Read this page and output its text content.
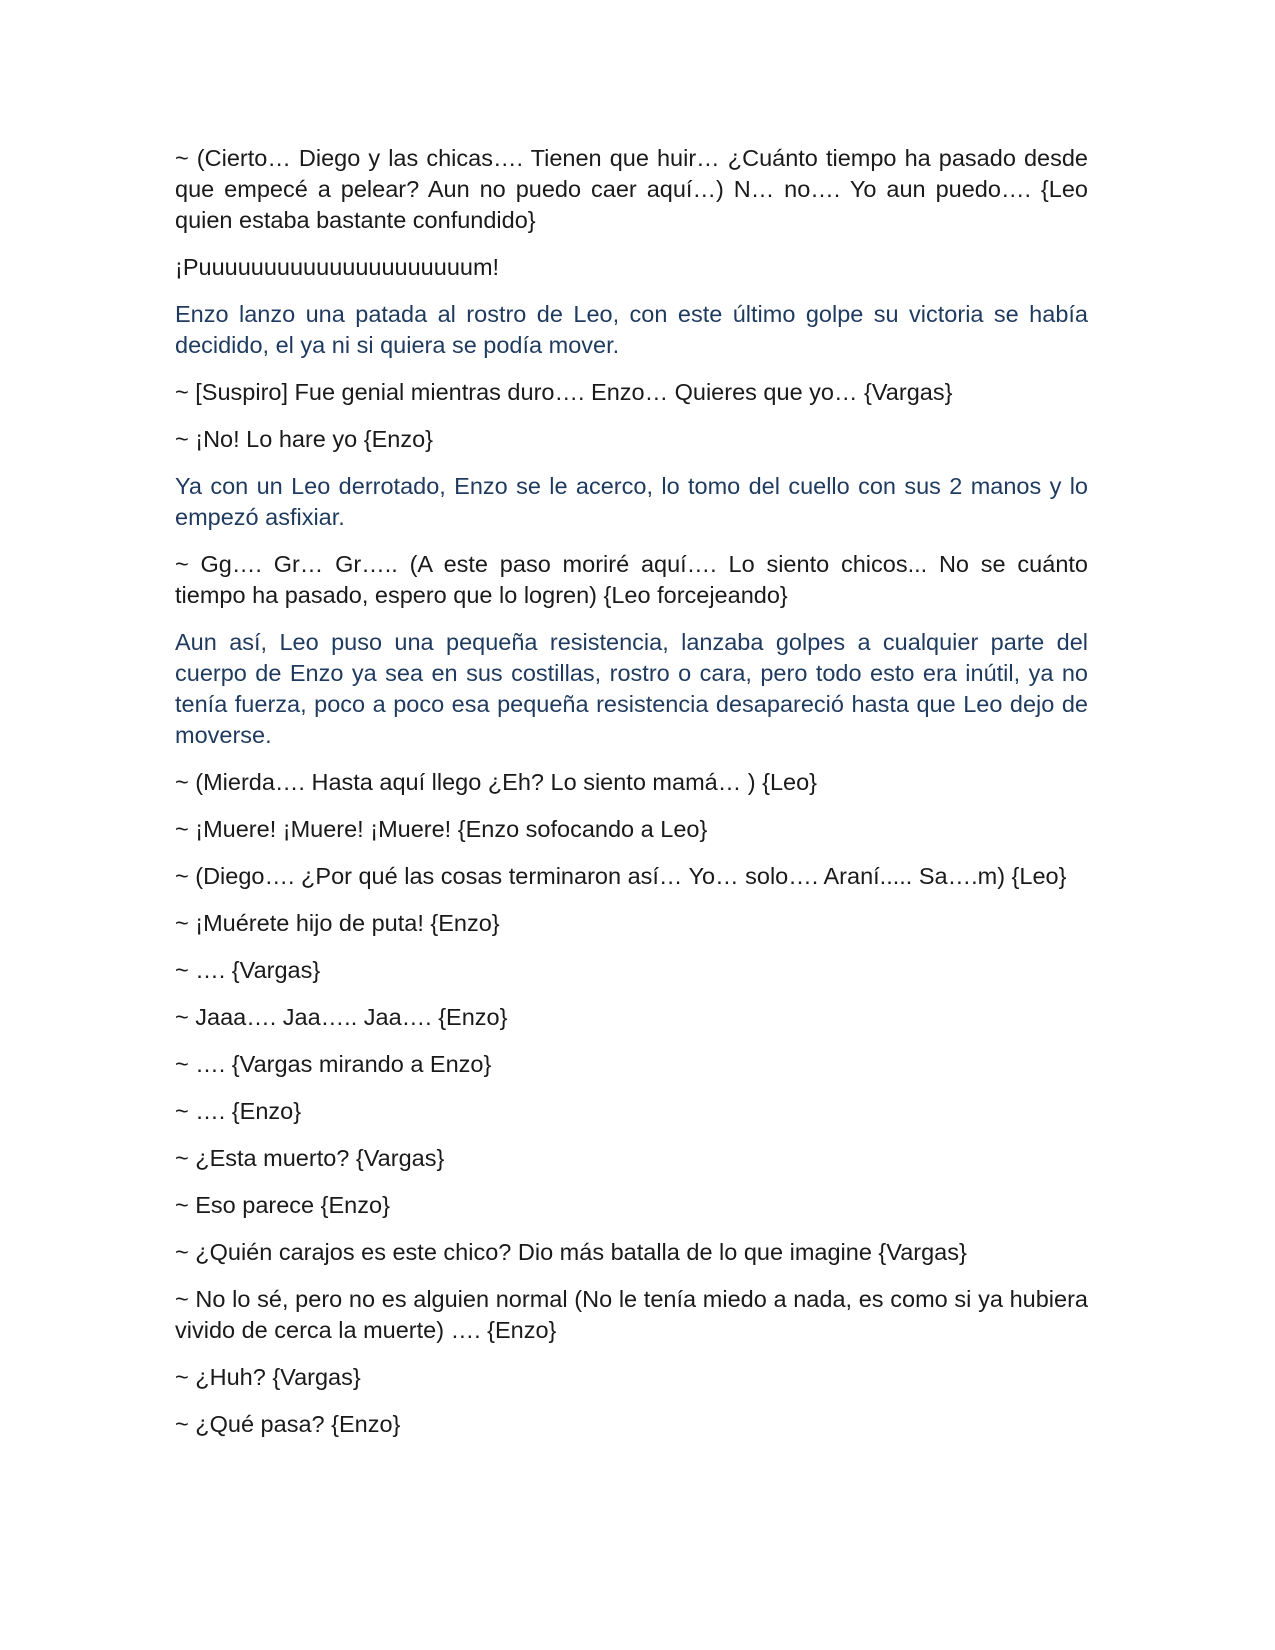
~ (Cierto… Diego y las chicas…. Tienen que huir… ¿Cuánto tiempo ha pasado desde que empecé a pelear? Aun no puedo caer aquí…) N… no…. Yo aun puedo…. {Leo quien estaba bastante confundido}

¡Puuuuuuuuuuuuuuuuuuuuum!

Enzo lanzo una patada al rostro de Leo, con este último golpe su victoria se había decidido, el ya ni si quiera se podía mover.

~ [Suspiro] Fue genial mientras duro…. Enzo… Quieres que yo… {Vargas}

~ ¡No! Lo hare yo {Enzo}

Ya con un Leo derrotado, Enzo se le acerco, lo tomo del cuello con sus 2 manos y lo empezó asfixiar.

~ Gg…. Gr… Gr….. (A este paso moriré aquí…. Lo siento chicos... No se cuánto tiempo ha pasado, espero que lo logren) {Leo forcejeando}

Aun así, Leo puso una pequeña resistencia, lanzaba golpes a cualquier parte del cuerpo de Enzo ya sea en sus costillas, rostro o cara, pero todo esto era inútil, ya no tenía fuerza, poco a poco esa pequeña resistencia desapareció hasta que Leo dejo de moverse.

~ (Mierda…. Hasta aquí llego ¿Eh? Lo siento mamá… ) {Leo}

~ ¡Muere! ¡Muere! ¡Muere! {Enzo sofocando a Leo}

~ (Diego…. ¿Por qué las cosas terminaron así… Yo… solo…. Araní..... Sa….m) {Leo}

~ ¡Muérete hijo de puta! {Enzo}

~ …. {Vargas}

~ Jaaa…. Jaa….. Jaa…. {Enzo}

~ …. {Vargas mirando a Enzo}

~ …. {Enzo}

~ ¿Esta muerto? {Vargas}

~ Eso parece {Enzo}

~ ¿Quién carajos es este chico? Dio más batalla de lo que imagine {Vargas}

~ No lo sé, pero no es alguien normal (No le tenía miedo a nada, es como si ya hubiera vivido de cerca la muerte) …. {Enzo}

~ ¿Huh? {Vargas}

~ ¿Qué pasa? {Enzo}
